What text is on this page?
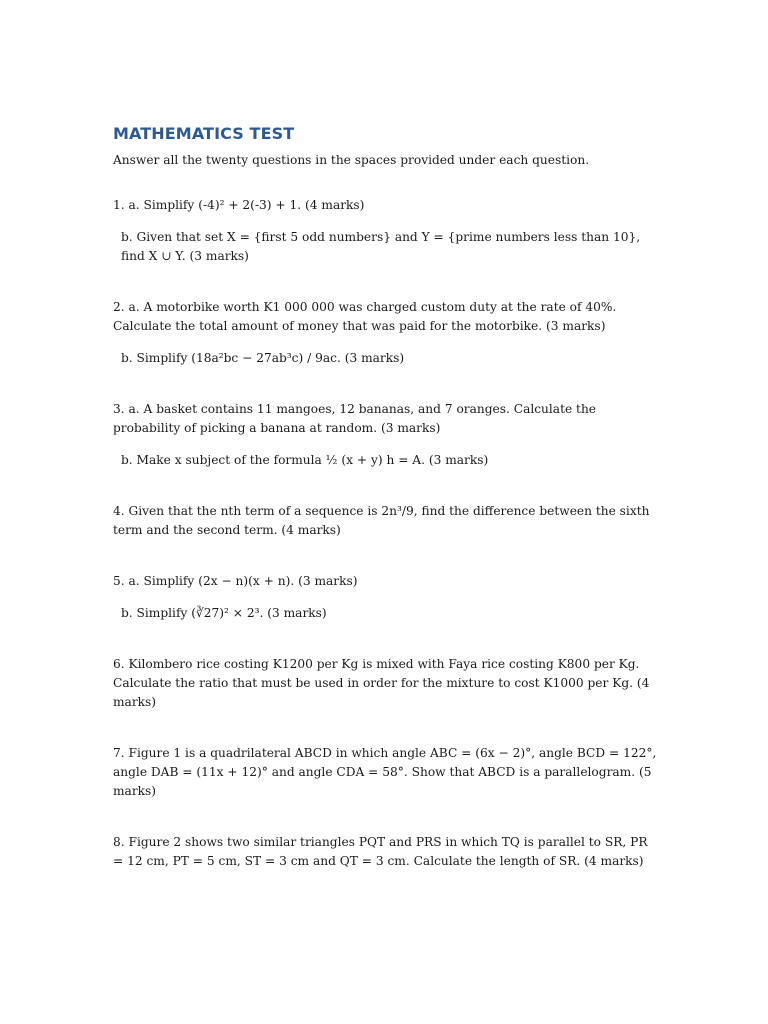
MATHEMATICS TEST

Answer all the twenty questions in the spaces provided under each question.

1. a. Simplify (-4)² + 2(-3) + 1. (4 marks)

b. Given that set X = {first 5 odd numbers} and Y = {prime numbers less than 10}, find X ∪ Y. (3 marks)

2. a. A motorbike worth K1 000 000 was charged custom duty at the rate of 40%. Calculate the total amount of money that was paid for the motorbike. (3 marks)

b. Simplify (18a²bc − 27ab³c) / 9ac. (3 marks)

3. a. A basket contains 11 mangoes, 12 bananas, and 7 oranges. Calculate the probability of picking a banana at random. (3 marks)

b. Make x subject of the formula ½ (x + y) h = A. (3 marks)

4. Given that the nth term of a sequence is 2n³/9, find the difference between the sixth term and the second term. (4 marks)

5. a. Simplify (2x − n)(x + n). (3 marks)

b. Simplify (∛27)² × 2³. (3 marks)

6. Kilombero rice costing K1200 per Kg is mixed with Faya rice costing K800 per Kg. Calculate the ratio that must be used in order for the mixture to cost K1000 per Kg. (4 marks)

7. Figure 1 is a quadrilateral ABCD in which angle ABC = (6x − 2)°, angle BCD = 122°, angle DAB = (11x + 12)° and angle CDA = 58°. Show that ABCD is a parallelogram. (5 marks)

8. Figure 2 shows two similar triangles PQT and PRS in which TQ is parallel to SR, PR = 12 cm, PT = 5 cm, ST = 3 cm and QT = 3 cm. Calculate the length of SR. (4 marks)
